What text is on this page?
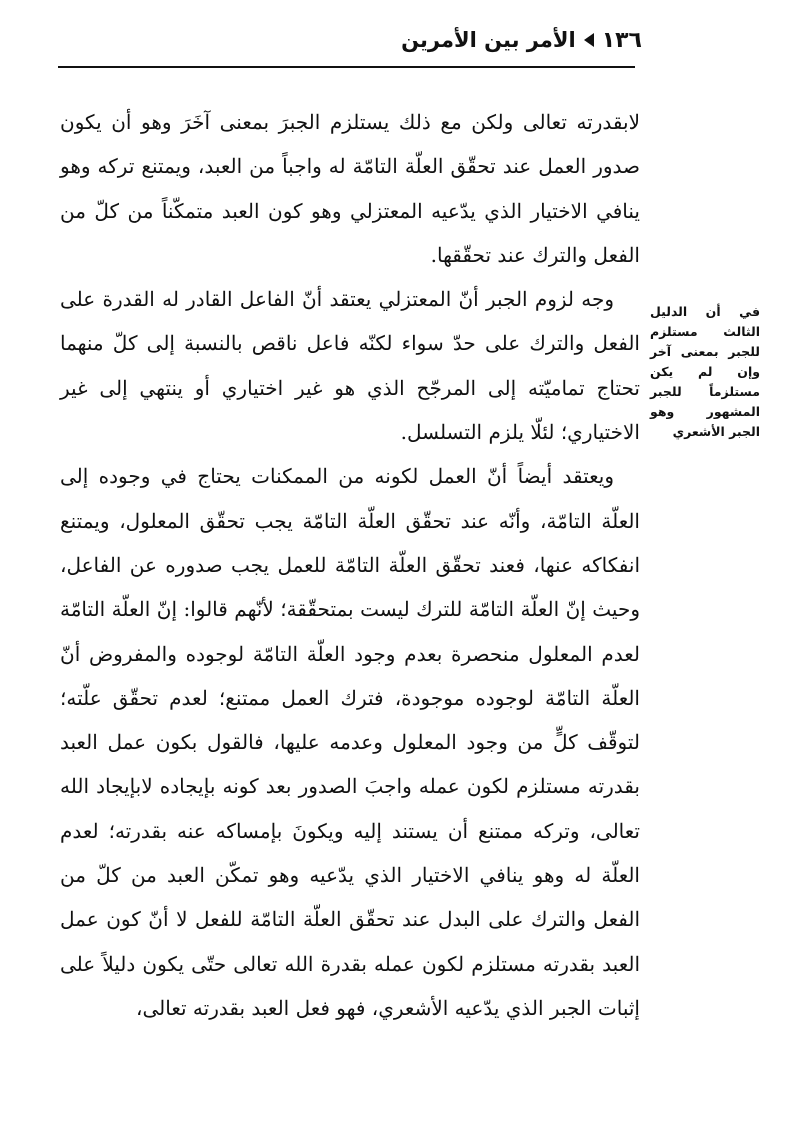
١٣٦
الأمر بين الأمرين

لابقدرته تعالى ولكن مع ذلك يستلزم الجبرَ بمعنى آخَرَ وهو أن يكون صدور العمل عند تحقّق العلّة التامّة له واجباً من العبد، ويمتنع تركه وهو ينافي الاختيار الذي يدّعيه المعتزلي وهو كون العبد متمكّناً من كلّ من الفعل والترك عند تحقّقها.

وجه لزوم الجبر أنّ المعتزلي يعتقد أنّ الفاعل القادر له القدرة على الفعل والترك على حدّ سواء لكنّه فاعل ناقص بالنسبة إلى كلّ منهما تحتاج تماميّته إلى المرجّح الذي هو غير اختياري أو ينتهي إلى غير الاختياري؛ لئلّا يلزم التسلسل.

ويعتقد أيضاً أنّ العمل لكونه من الممكنات يحتاج في وجوده إلى العلّة التامّة، وأنّه عند تحقّق العلّة التامّة يجب تحقّق المعلول، ويمتنع انفكاكه عنها، فعند تحقّق العلّة التامّة للعمل يجب صدوره عن الفاعل، وحيث إنّ العلّة التامّة للترك ليست بمتحقّقة؛ لأنّهم قالوا: إنّ العلّة التامّة لعدم المعلول منحصرة بعدم وجود العلّة التامّة لوجوده والمفروض أنّ العلّة التامّة لوجوده موجودة، فترك العمل ممتنع؛ لعدم تحقّق علّته؛ لتوقّف كلٍّ من وجود المعلول وعدمه عليها، فالقول بكون عمل العبد بقدرته مستلزم لكون عمله واجبَ الصدور بعد كونه بإيجاده لابإيجاد الله تعالى، وتركه ممتنع أن يستند إليه ويكونَ بإمساكه عنه بقدرته؛ لعدم العلّة له وهو ينافي الاختيار الذي يدّعيه وهو تمكّن العبد من كلّ من الفعل والترك على البدل عند تحقّق العلّة التامّة للفعل لا أنّ كون عمل العبد بقدرته مستلزم لكون عمله بقدرة الله تعالى حتّى يكون دليلاً على إثبات الجبر الذي يدّعيه الأشعري، فهو فعل العبد بقدرته تعالى،

في أن الدليل الثالث مستلزم للجبر بمعنى آخر وإن لم يكن مستلزماً للجبر المشهور وهو الجبر الأشعري
